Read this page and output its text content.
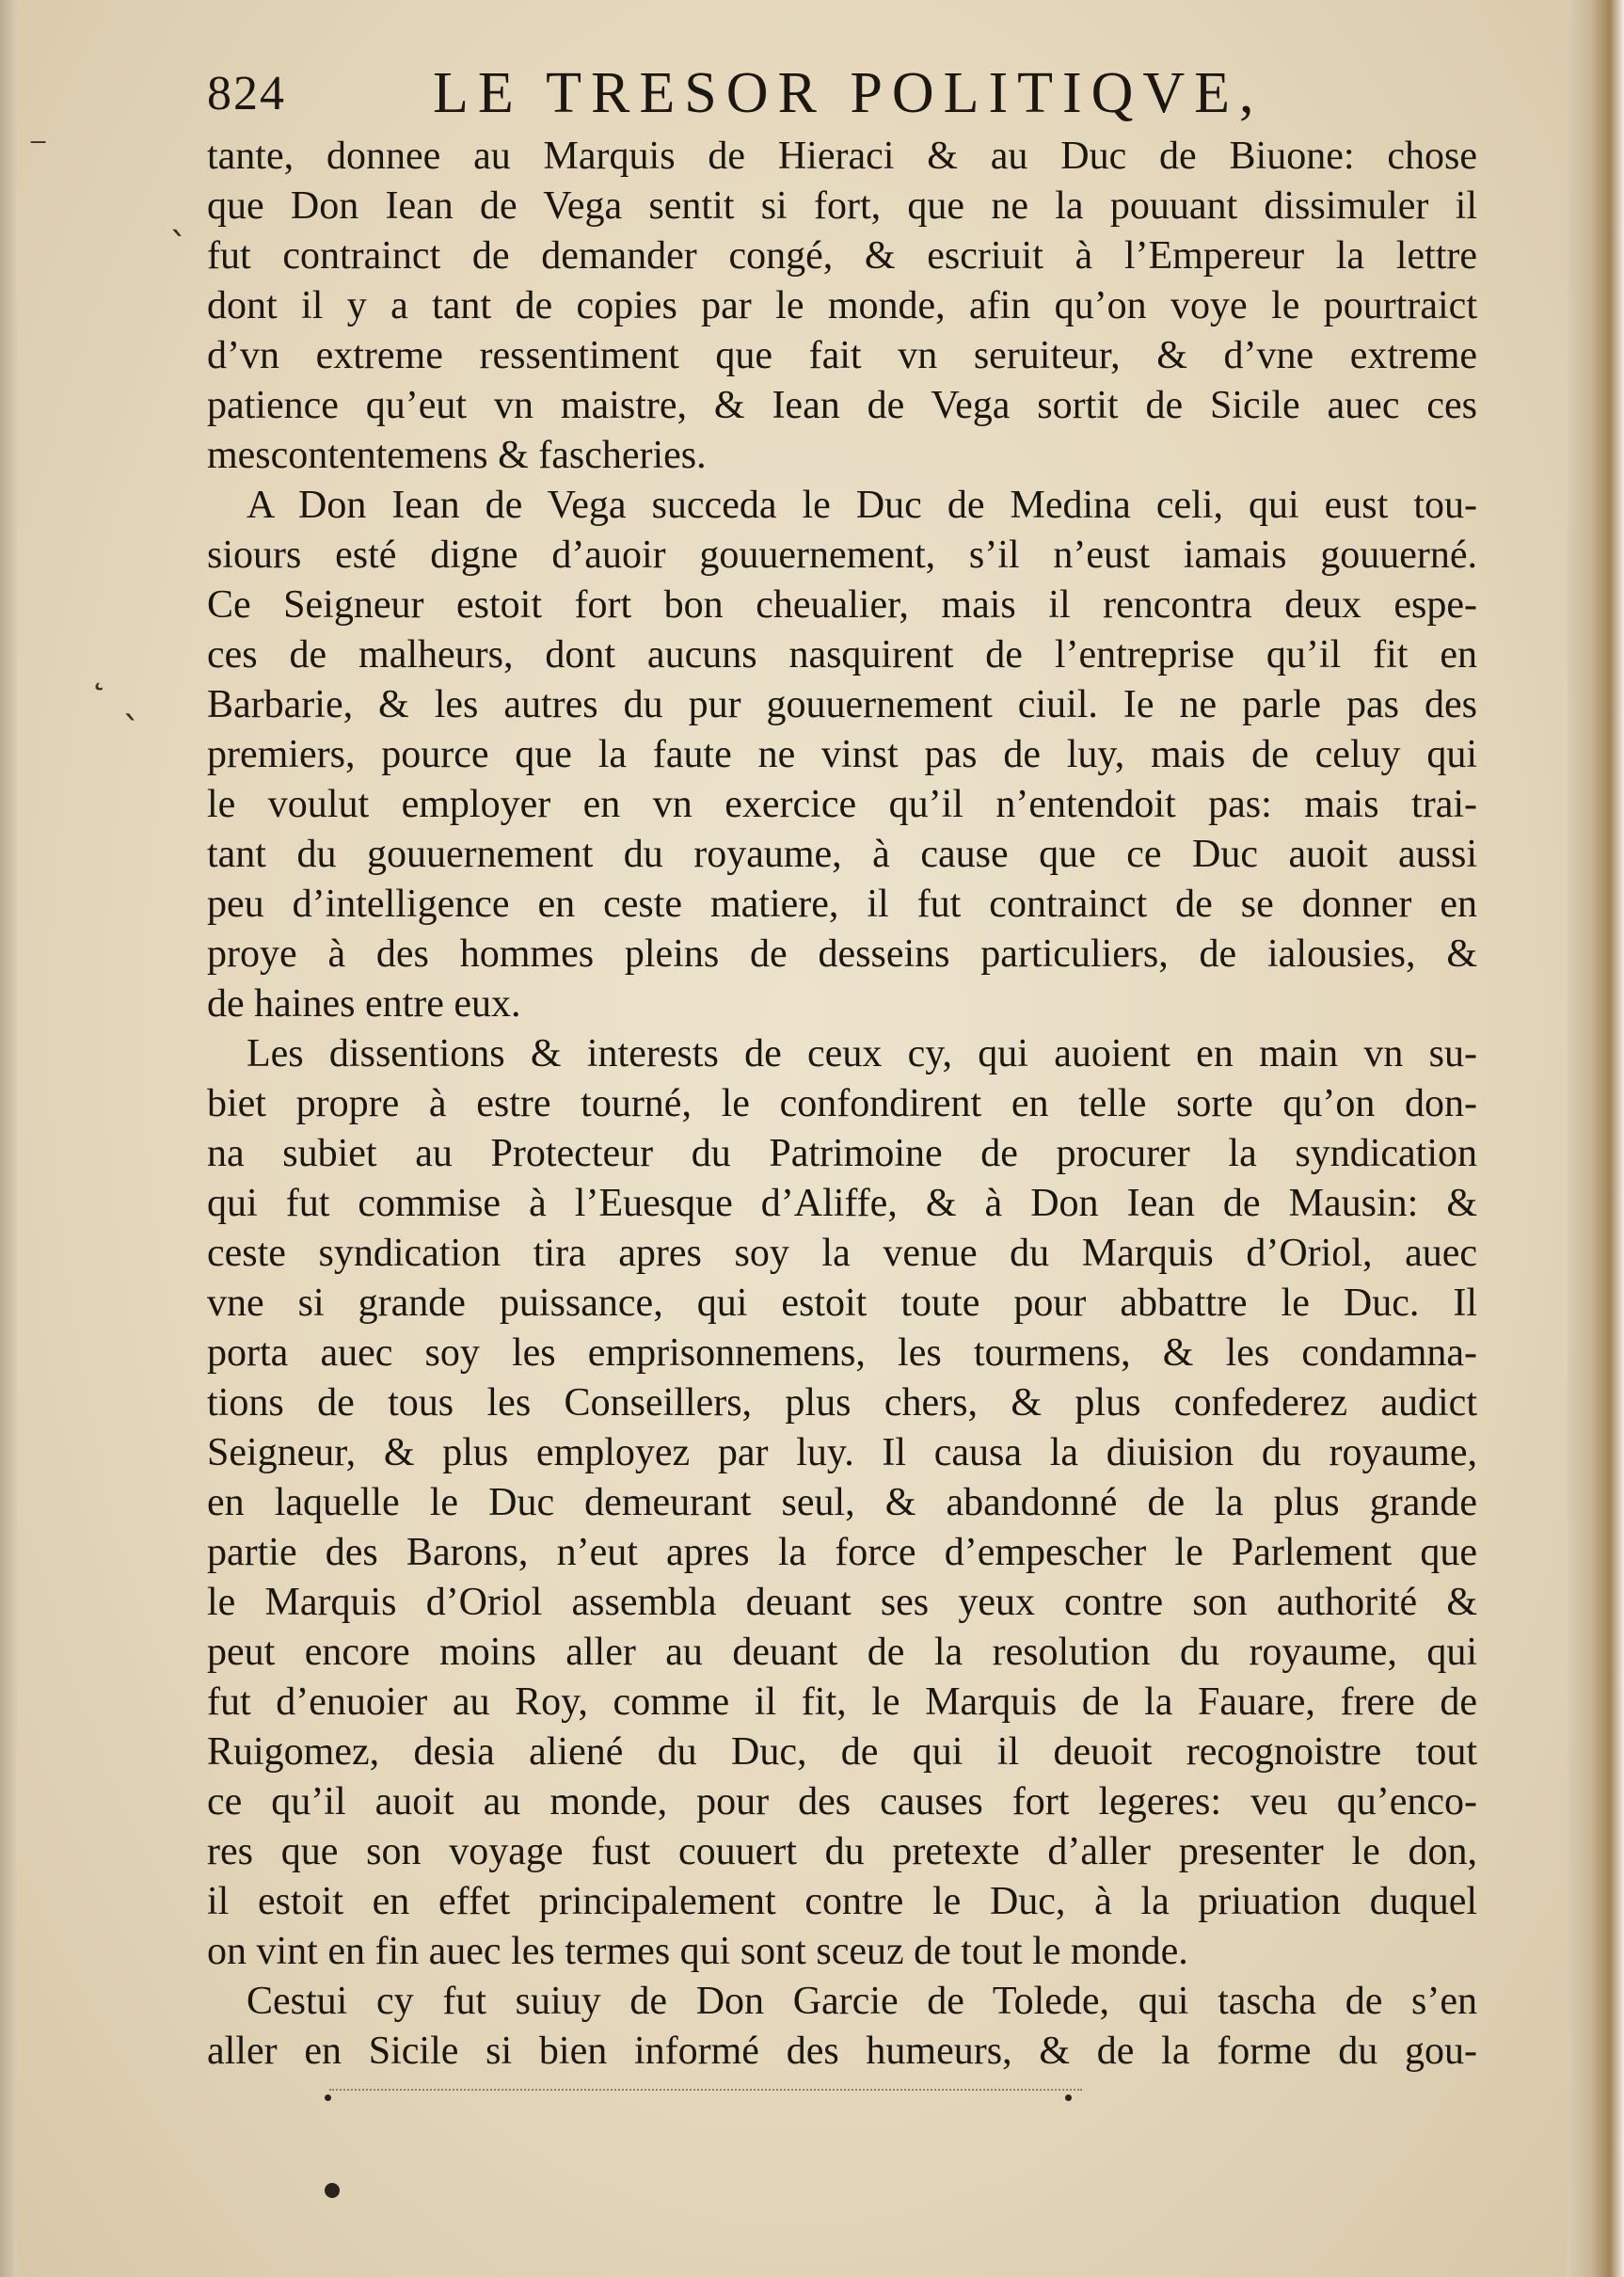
824	LE TRESOR POLITIQVE,
tante, donnee au Marquis de Hieraci & au Duc de Biuone: chose
que Don Iean de Vega sentit si fort, que ne la pouuant dissimuler il
fut contrainct de demander congé, & escriuit à l’Empereur la lettre
dont il y a tant de copies par le monde, afin qu’on voye le pourtraict
d’vn extreme ressentiment que fait vn seruiteur, & d’vne extreme
patience qu’eut vn maistre, & Iean de Vega sortit de Sicile auec ces
mescontentemens & fascheries.
A Don Iean de Vega succeda le Duc de Medina celi, qui eust tou-
siours esté digne d’auoir gouuernement, s’il n’eust iamais gouuerné.
Ce Seigneur estoit fort bon cheualier, mais il rencontra deux espe-
ces de malheurs, dont aucuns nasquirent de l’entreprise qu’il fit en
Barbarie, & les autres du pur gouuernement ciuil. Ie ne parle pas des
premiers, pource que la faute ne vinst pas de luy, mais de celuy qui
le voulut employer en vn exercice qu’il n’entendoit pas: mais trai-
tant du gouuernement du royaume, à cause que ce Duc auoit aussi
peu d’intelligence en ceste matiere, il fut contrainct de se donner en
proye à des hommes pleins de desseins particuliers, de ialousies, &
de haines entre eux.
Les dissentions & interests de ceux cy, qui auoient en main vn su-
biet propre à estre tourné, le confondirent en telle sorte qu’on don-
na subiet au Protecteur du Patrimoine de procurer la syndication
qui fut commise à l’Euesque d’Aliffe, & à Don Iean de Mausin: &
ceste syndication tira apres soy la venue du Marquis d’Oriol, auec
vne si grande puissance, qui estoit toute pour abbattre le Duc. Il
porta auec soy les emprisonnemens, les tourmens, & les condamna-
tions de tous les Conseillers, plus chers, & plus confederez audict
Seigneur, & plus employez par luy. Il causa la diuision du royaume,
en laquelle le Duc demeurant seul, & abandonné de la plus grande
partie des Barons, n’eut apres la force d’empescher le Parlement que
le Marquis d’Oriol assembla deuant ses yeux contre son authorité &
peut encore moins aller au deuant de la resolution du royaume, qui
fut d’enuoier au Roy, comme il fit, le Marquis de la Fauare, frere de
Ruigomez, desia aliené du Duc, de qui il deuoit recognoistre tout
ce qu’il auoit au monde, pour des causes fort legeres: veu qu’enco-
res que son voyage fust couuert du pretexte d’aller presenter le don,
il estoit en effet principalement contre le Duc, à la priuation duquel
on vint en fin auec les termes qui sont sceuz de tout le monde.
Cestui cy fut suiuy de Don Garcie de Tolede, qui tascha de s’en
aller en Sicile si bien informé des humeurs, & de la forme du gou-
⁻
ˋ
˛
ˎ
